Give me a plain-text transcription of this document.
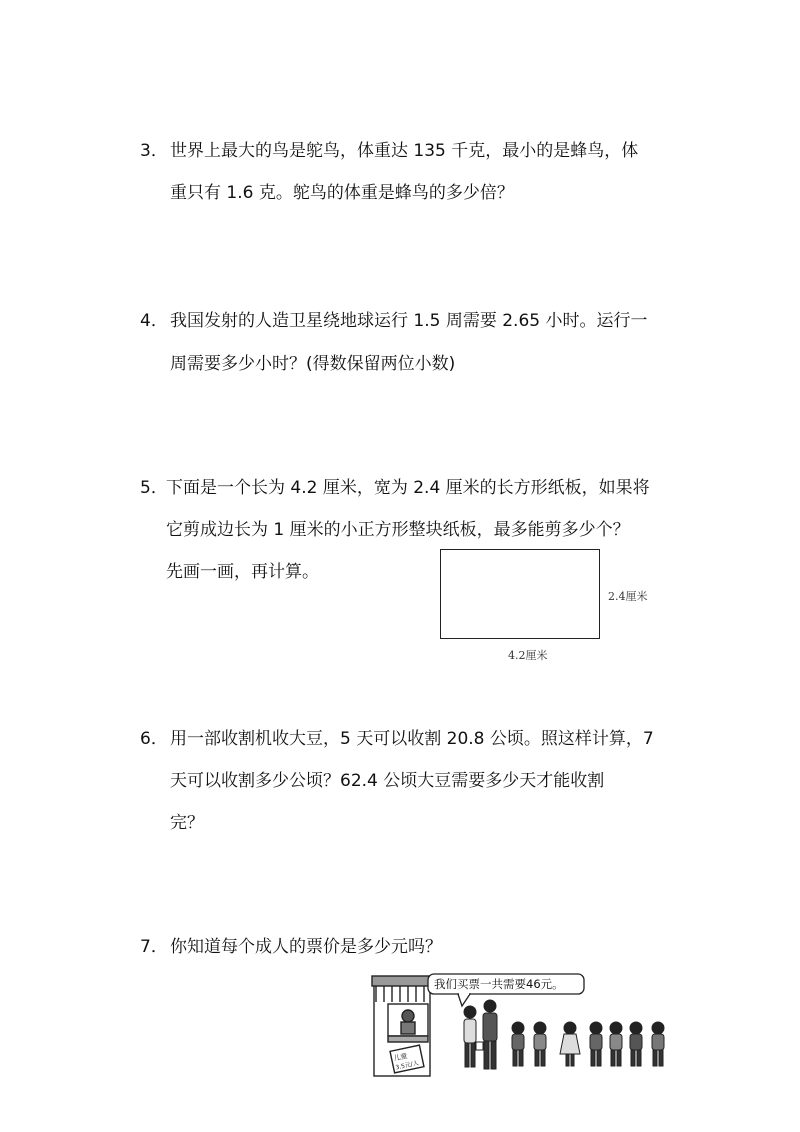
3． 世界上最大的鸟是鸵鸟，体重达 135 千克，最小的是蜂鸟，体
重只有 1.6 克。鸵鸟的体重是蜂鸟的多少倍？
4． 我国发射的人造卫星绕地球运行 1.5 周需要 2.65 小时。运行一
周需要多少小时？(得数保留两位小数)
5．
下面是一个长为 4.2 厘米，宽为 2.4 厘米的长方形纸板，如果将
它剪成边长为 1 厘米的小正方形整块纸板，最多能剪多少个？
先画一画，再计算。
2.4厘米
4.2厘米
6． 用一部收割机收大豆，5 天可以收割 20.8 公顷。照这样计算，7
天可以收割多少公顷？62.4 公顷大豆需要多少天才能收割
完？
7． 你知道每个成人的票价是多少元吗？
儿童
3.5元/人
我们买票一共需要46元。
